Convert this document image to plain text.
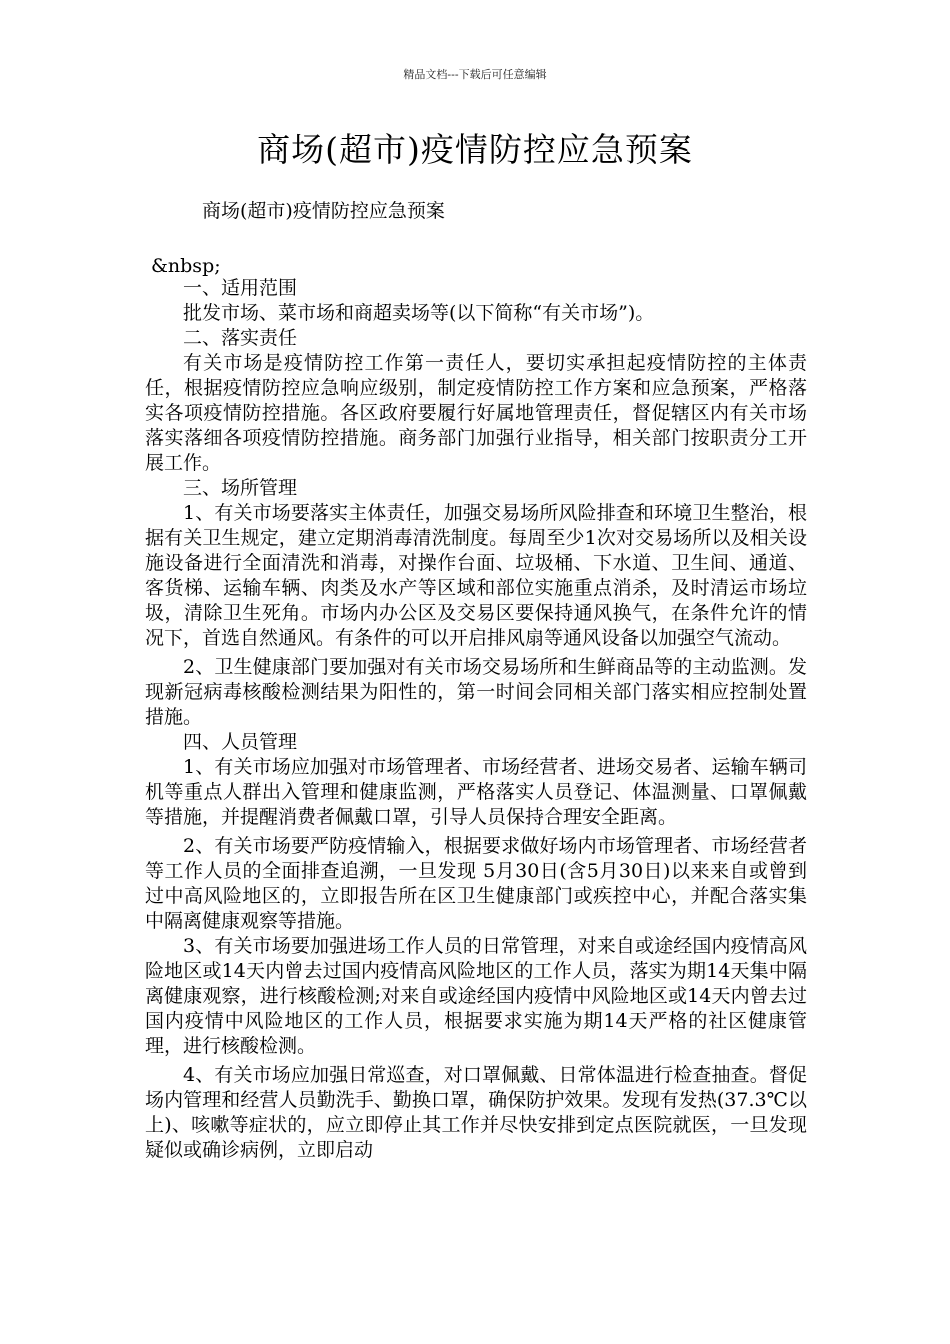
精品文档---下载后可任意编辑
商场(超市)疫情防控应急预案
商场(超市)疫情防控应急预案
&nbsp;

一、适用范围

批发市场、菜市场和商超卖场等(以下简称“有关市场”)。

二、落实责任

有关市场是疫情防控工作第一责任人，要切实承担起疫情防控的主体责任，根据疫情防控应急响应级别，制定疫情防控工作方案和应急预案，严格落实各项疫情防控措施。各区政府要履行好属地管理责任，督促辖区内有关市场落实落细各项疫情防控措施。商务部门加强行业指导，相关部门按职责分工开展工作。

三、场所管理

1、有关市场要落实主体责任，加强交易场所风险排查和环境卫生整治，根据有关卫生规定，建立定期消毒清洗制度。每周至少1次对交易场所以及相关设施设备进行全面清洗和消毒，对操作台面、垃圾桶、下水道、卫生间、通道、客货梯、运输车辆、肉类及水产等区域和部位实施重点消杀，及时清运市场垃圾，清除卫生死角。市场内办公区及交易区要保持通风换气，在条件允许的情况下，首选自然通风。有条件的可以开启排风扇等通风设备以加强空气流动。

2、卫生健康部门要加强对有关市场交易场所和生鲜商品等的主动监测。发现新冠病毒核酸检测结果为阳性的，第一时间会同相关部门落实相应控制处置措施。

四、人员管理

1、有关市场应加强对市场管理者、市场经营者、进场交易者、运输车辆司机等重点人群出入管理和健康监测，严格落实人员登记、体温测量、口罩佩戴等措施，并提醒消费者佩戴口罩，引导人员保持合理安全距离。

2、有关市场要严防疫情输入，根据要求做好场内市场管理者、市场经营者等工作人员的全面排查追溯，一旦发现 5月30日(含5月30日)以来来自或曾到过中高风险地区的，立即报告所在区卫生健康部门或疾控中心，并配合落实集中隔离健康观察等措施。

3、有关市场要加强进场工作人员的日常管理，对来自或途经国内疫情高风险地区或14天内曾去过国内疫情高风险地区的工作人员，落实为期14天集中隔离健康观察，进行核酸检测;对来自或途经国内疫情中风险地区或14天内曾去过国内疫情中风险地区的工作人员，根据要求实施为期14天严格的社区健康管理，进行核酸检测。

4、有关市场应加强日常巡查，对口罩佩戴、日常体温进行检查抽查。督促场内管理和经营人员勤洗手、勤换口罩，确保防护效果。发现有发热(37.3℃以上)、咳嗽等症状的，应立即停止其工作并尽快安排到定点医院就医，一旦发现疑似或确诊病例，立即启动
